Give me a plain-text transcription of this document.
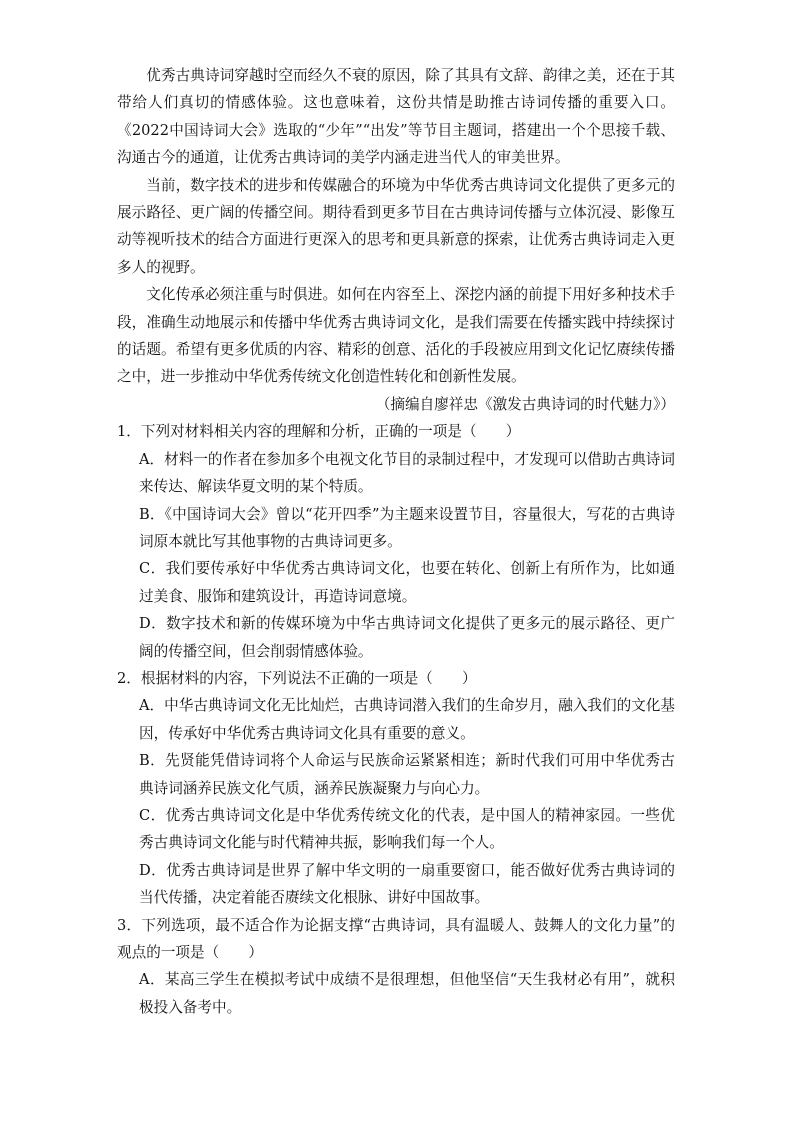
优秀古典诗词穿越时空而经久不衰的原因，除了其具有文辞、韵律之美，还在于其带给人们真切的情感体验。这也意味着，这份共情是助推古诗词传播的重要入口。《2022中国诗词大会》选取的“少年”“出发”等节目主题词，搭建出一个个思接千载、沟通古今的通道，让优秀古典诗词的美学内涵走进当代人的审美世界。

当前，数字技术的进步和传媒融合的环境为中华优秀古典诗词文化提供了更多元的展示路径、更广阔的传播空间。期待看到更多节目在古典诗词传播与立体沉浸、影像互动等视听技术的结合方面进行更深入的思考和更具新意的探索，让优秀古典诗词走入更多人的视野。

文化传承必须注重与时俱进。如何在内容至上、深挖内涵的前提下用好多种技术手段，准确生动地展示和传播中华优秀古典诗词文化，是我们需要在传播实践中持续探讨的话题。希望有更多优质的内容、精彩的创意、活化的手段被应用到文化记忆赓续传播之中，进一步推动中华优秀传统文化创造性转化和创新性发展。

（摘编自廖祥忠《激发古典诗词的时代魅力》）

1．下列对材料相关内容的理解和分析，正确的一项是（　　）

A．材料一的作者在参加多个电视文化节目的录制过程中，才发现可以借助古典诗词来传达、解读华夏文明的某个特质。

B．《中国诗词大会》曾以“花开四季”为主题来设置节目，容量很大，写花的古典诗词原本就比写其他事物的古典诗词更多。

C．我们要传承好中华优秀古典诗词文化，也要在转化、创新上有所作为，比如通过美食、服饰和建筑设计，再造诗词意境。

D．数字技术和新的传媒环境为中华古典诗词文化提供了更多元的展示路径、更广阔的传播空间，但会削弱情感体验。

2．根据材料的内容，下列说法不正确的一项是（　　）

A．中华古典诗词文化无比灿烂，古典诗词潜入我们的生命岁月，融入我们的文化基因，传承好中华优秀古典诗词文化具有重要的意义。

B．先贤能凭借诗词将个人命运与民族命运紧紧相连；新时代我们可用中华优秀古典诗词涵养民族文化气质，涵养民族凝聚力与向心力。

C．优秀古典诗词文化是中华优秀传统文化的代表，是中国人的精神家园。一些优秀古典诗词文化能与时代精神共振，影响我们每一个人。

D．优秀古典诗词是世界了解中华文明的一扇重要窗口，能否做好优秀古典诗词的当代传播，决定着能否赓续文化根脉、讲好中国故事。

3．下列选项，最不适合作为论据支撑“古典诗词，具有温暖人、鼓舞人的文化力量”的观点的一项是（　　）

A．某高三学生在模拟考试中成绩不是很理想，但他坚信“天生我材必有用”，就积极投入备考中。
